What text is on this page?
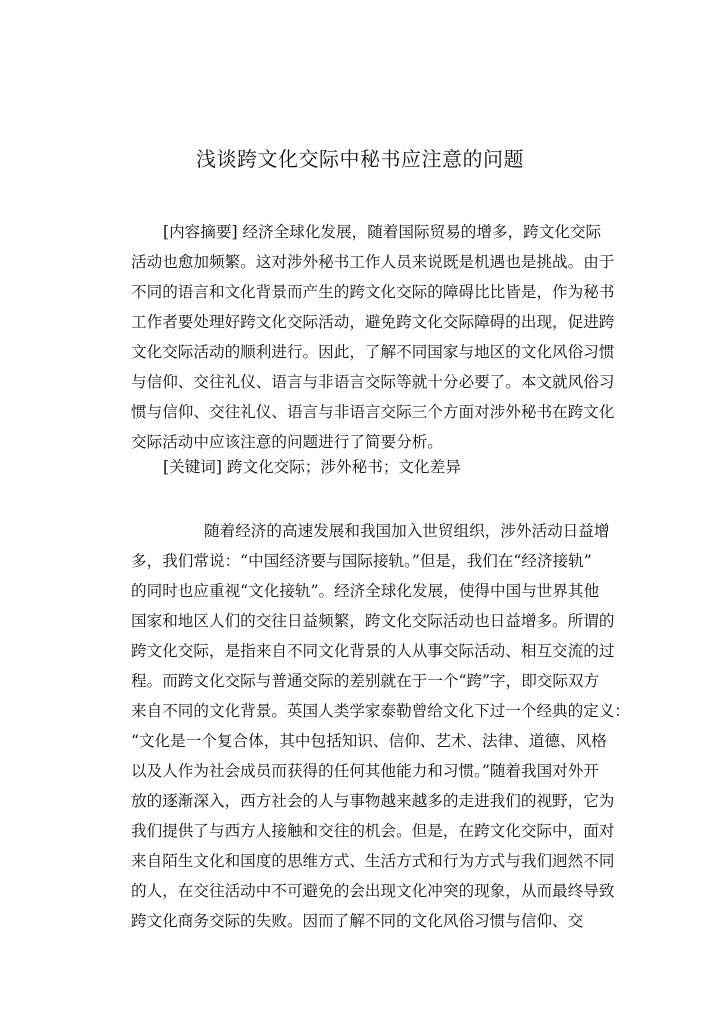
浅谈跨文化交际中秘书应注意的问题
[内容摘要] 经济全球化发展，随着国际贸易的增多，跨文化交际
活动也愈加频繁。这对涉外秘书工作人员来说既是机遇也是挑战。由于
不同的语言和文化背景而产生的跨文化交际的障碍比比皆是，作为秘书
工作者要处理好跨文化交际活动，避免跨文化交际障碍的出现，促进跨
文化交际活动的顺利进行。因此，了解不同国家与地区的文化风俗习惯
与信仰、交往礼仪、语言与非语言交际等就十分必要了。本文就风俗习
惯与信仰、交往礼仪、语言与非语言交际三个方面对涉外秘书在跨文化
交际活动中应该注意的问题进行了简要分析。
[关键词] 跨文化交际；涉外秘书；文化差异
随着经济的高速发展和我国加入世贸组织，涉外活动日益增
多，我们常说：“中国经济要与国际接轨。”但是，我们在“经济接轨”
的同时也应重视“文化接轨”。经济全球化发展，使得中国与世界其他
国家和地区人们的交往日益频繁，跨文化交际活动也日益增多。所谓的
跨文化交际，是指来自不同文化背景的人从事交际活动、相互交流的过
程。而跨文化交际与普通交际的差别就在于一个“跨”字，即交际双方
来自不同的文化背景。英国人类学家泰勒曾给文化下过一个经典的定义：
“文化是一个复合体，其中包括知识、信仰、艺术、法律、道德、风格
以及人作为社会成员而获得的任何其他能力和习惯。”随着我国对外开
放的逐渐深入，西方社会的人与事物越来越多的走进我们的视野，它为
我们提供了与西方人接触和交往的机会。但是，在跨文化交际中，面对
来自陌生文化和国度的思维方式、生活方式和行为方式与我们迥然不同
的人，在交往活动中不可避免的会出现文化冲突的现象，从而最终导致
跨文化商务交际的失败。因而了解不同的文化风俗习惯与信仰、交
